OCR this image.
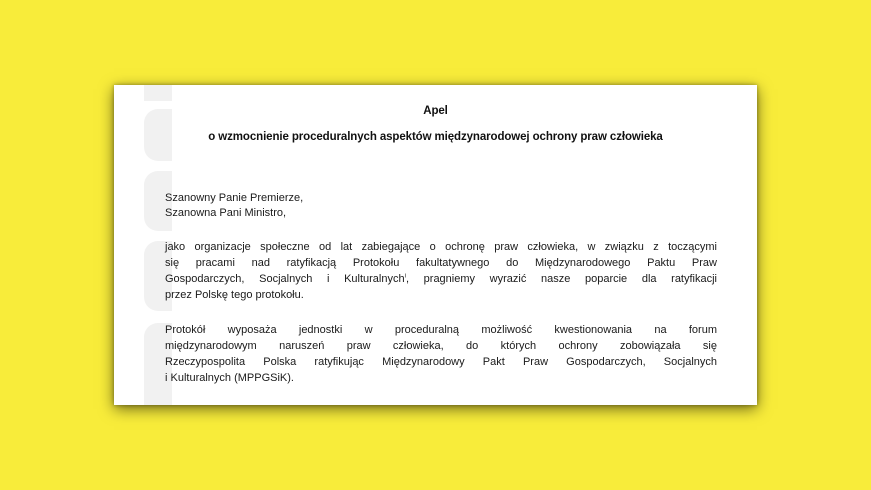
Apel
o wzmocnienie proceduralnych aspektów międzynarodowej ochrony praw człowieka
Szanowny Panie Premierze,
Szanowna Pani Ministro,
jako organizacje społeczne od lat zabiegające o ochronę praw człowieka, w związku z toczącymi
się pracami nad ratyfikacją Protokołu fakultatywnego do Międzynarodowego Paktu Praw
Gospodarczych, Socjalnych i Kulturalnych$^i$, pragniemy wyrazić nasze poparcie dla ratyfikacji
przez Polskę tego protokołu.
Protokół wyposaża jednostki w proceduralną możliwość kwestionowania na forum
międzynarodowym naruszeń praw człowieka, do których ochrony zobowiązała się
Rzeczypospolita Polska ratyfikując Międzynarodowy Pakt Praw Gospodarczych, Socjalnych
i Kulturalnych (MPPGSiK).
